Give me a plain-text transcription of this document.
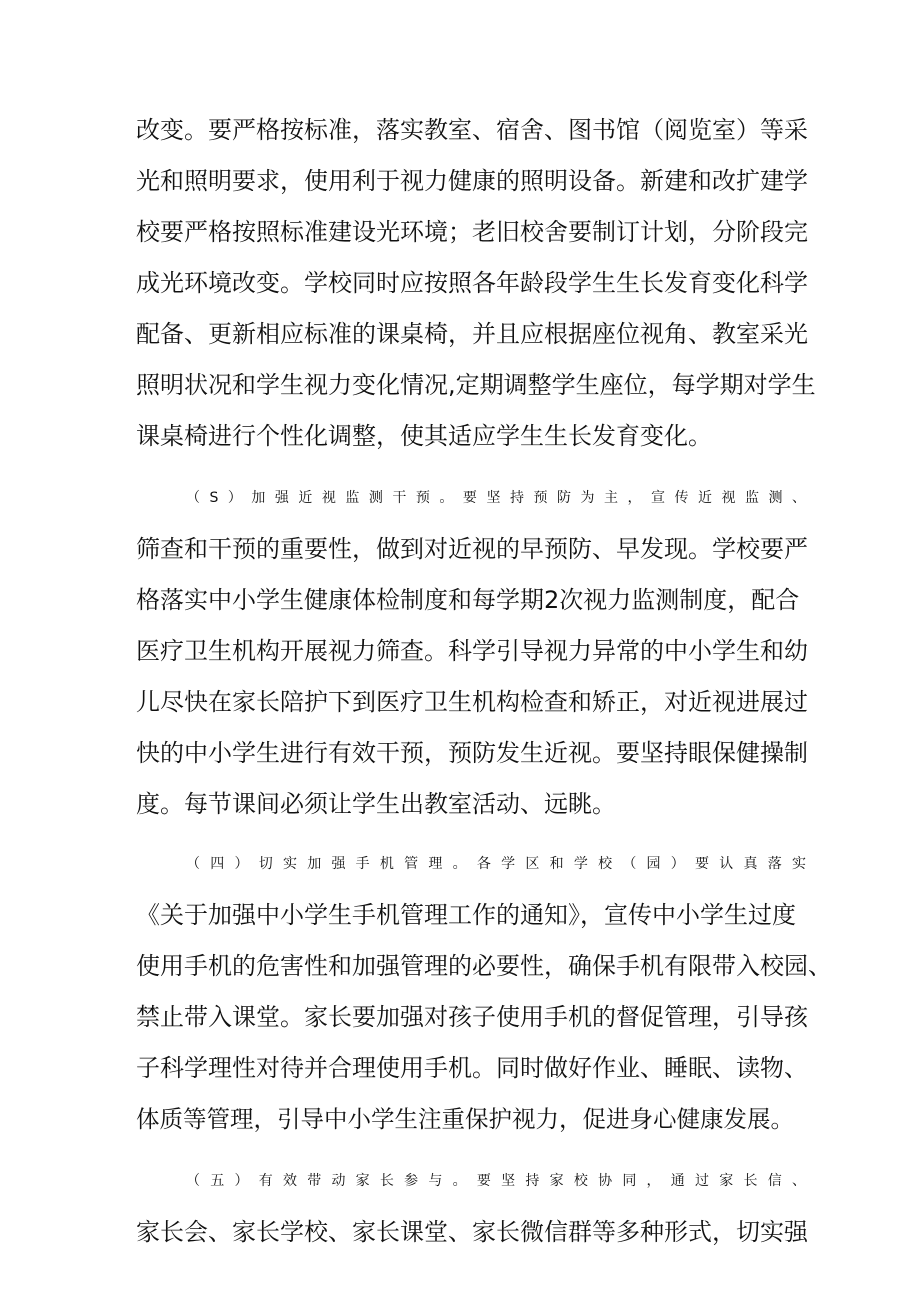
改变。要严格按标准，落实教室、宿舍、图书馆（阅览室）等采
光和照明要求，使用利于视力健康的照明设备。新建和改扩建学
校要严格按照标准建设光环境；老旧校舍要制订计划，分阶段完
成光环境改变。学校同时应按照各年龄段学生生长发育变化科学
配备、更新相应标准的课桌椅，并且应根据座位视角、教室采光
照明状况和学生视力变化情况,定期调整学生座位，每学期对学生
课桌椅进行个性化调整，使其适应学生生长发育变化。
（S）加强近视监测干预。要坚持预防为主，宣传近视监测、
筛查和干预的重要性，做到对近视的早预防、早发现。学校要严
格落实中小学生健康体检制度和每学期2次视力监测制度，配合
医疗卫生机构开展视力筛查。科学引导视力异常的中小学生和幼
儿尽快在家长陪护下到医疗卫生机构检查和矫正，对近视进展过
快的中小学生进行有效干预，预防发生近视。要坚持眼保健操制
度。每节课间必须让学生出教室活动、远眺。
（四）切实加强手机管理。各学区和学校（园）要认真落实
《关于加强中小学生手机管理工作的通知》，宣传中小学生过度
使用手机的危害性和加强管理的必要性，确保手机有限带入校园、
禁止带入课堂。家长要加强对孩子使用手机的督促管理，引导孩
子科学理性对待并合理使用手机。同时做好作业、睡眠、读物、
体质等管理，引导中小学生注重保护视力，促进身心健康发展。
（五）有效带动家长参与。要坚持家校协同，通过家长信、
家长会、家长学校、家长课堂、家长微信群等多种形式，切实强
